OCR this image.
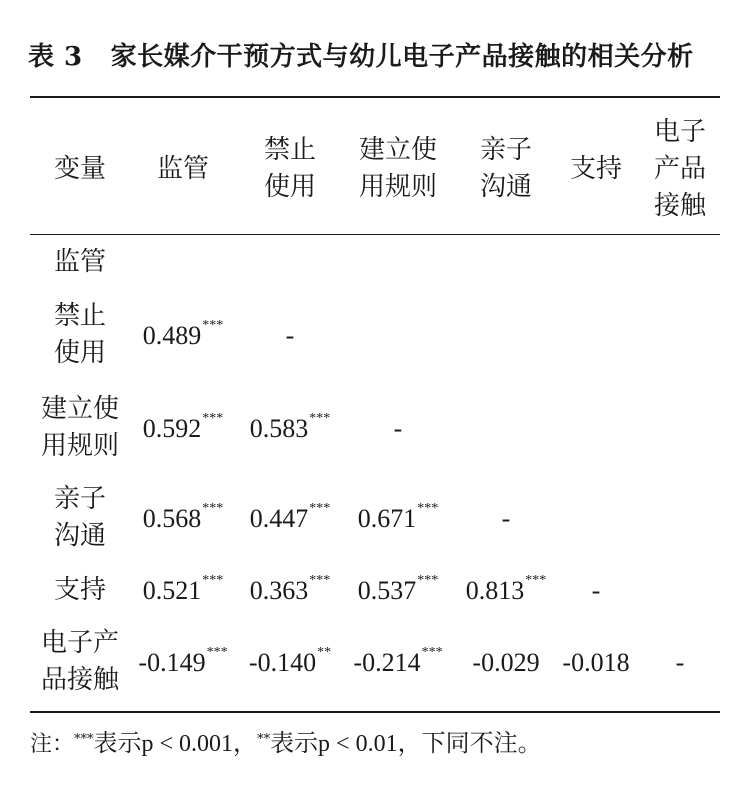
表 3 家长媒介干预方式与幼儿电子产品接触的相关分析
变量 监管
禁止
使用
建立使
用规则
亲子
沟通
支持
电子
产品
接触
监管
禁止
使用
0.489*** -
建立使
用规则
0.592*** 0.583*** -
亲子
沟通
0.568*** 0.447*** 0.671*** -
支持	0.521*** 0.363*** 0.537*** 0.813*** -
电子产
品接触
-0.149*** -0.140** -0.214*** -0.029 -0.018 -
注：***表示p < 0.001，**表示p < 0.01，下同不注。
